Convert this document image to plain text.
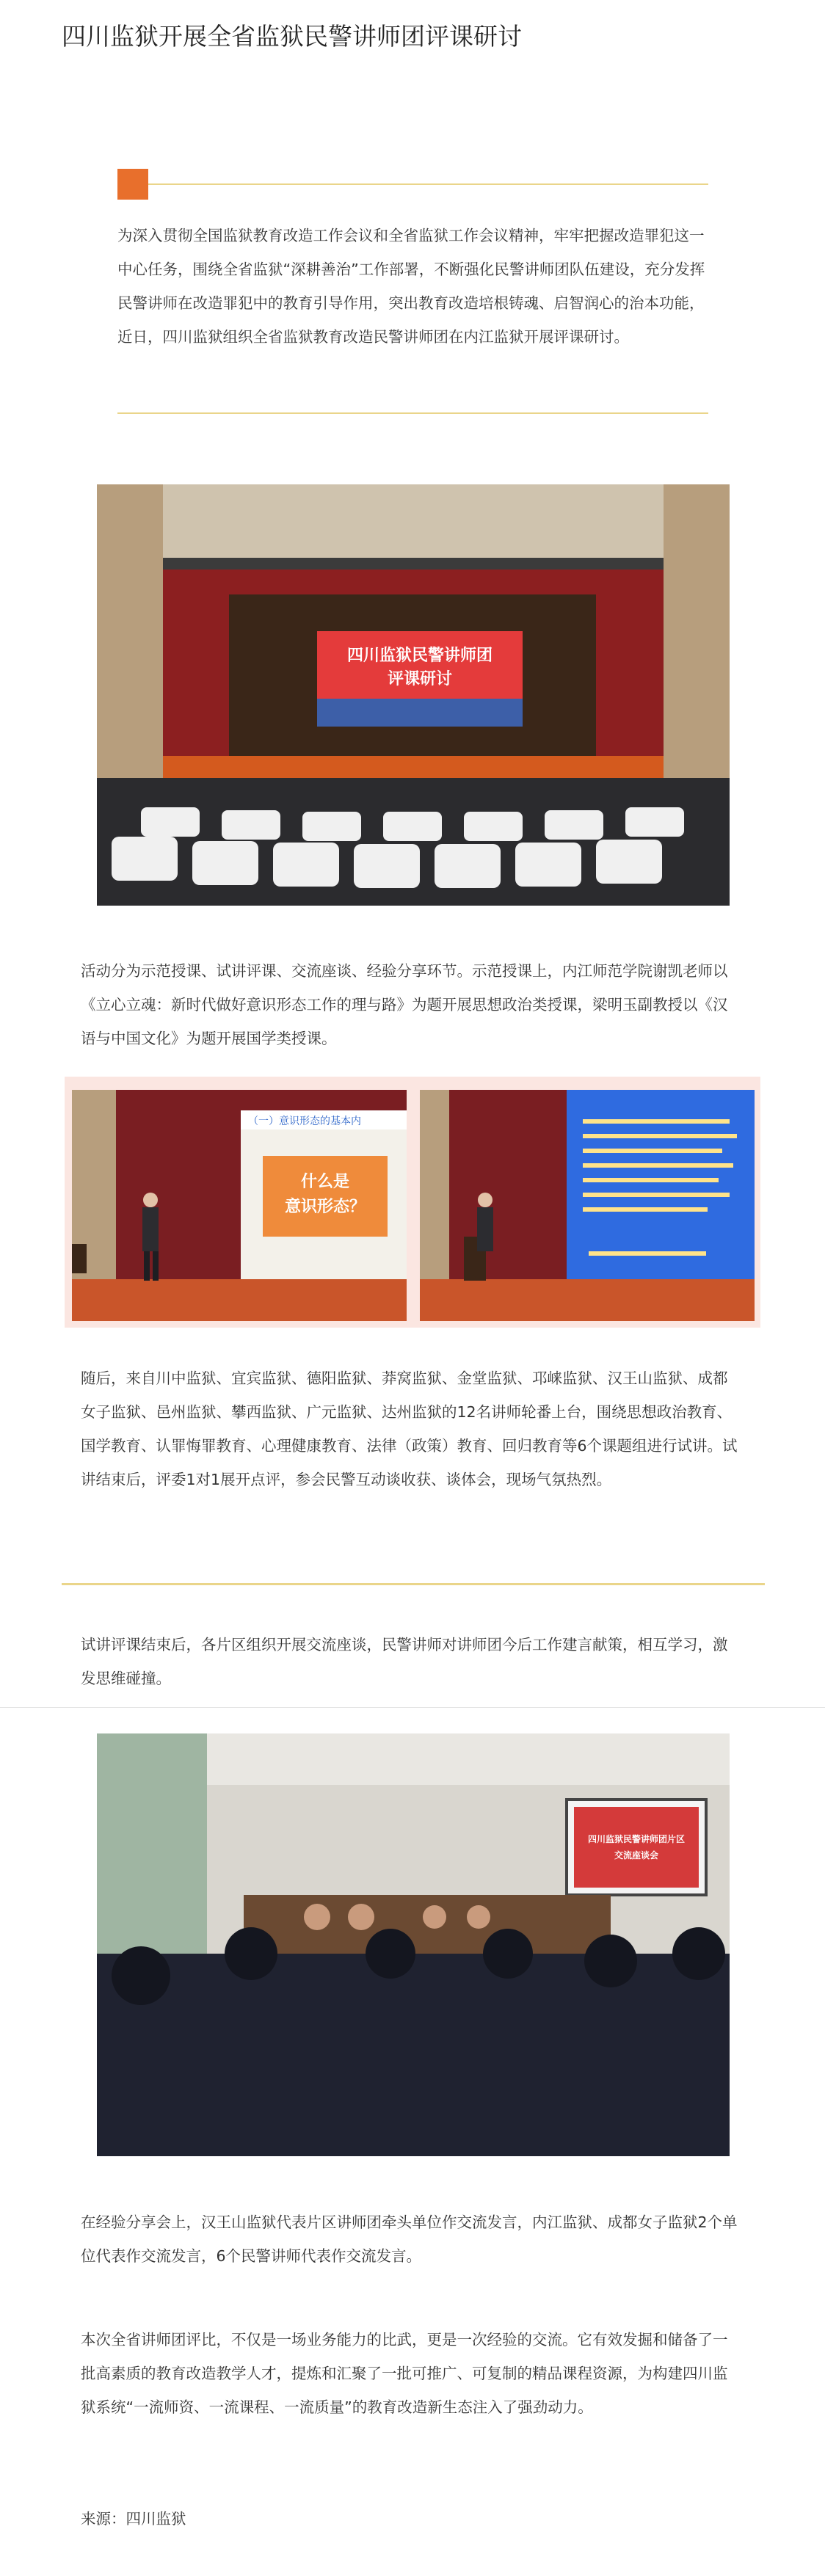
四川监狱开展全省监狱民警讲师团评课研讨

为深入贯彻全国监狱教育改造工作会议和全省监狱工作会议精神，牢牢把握改造罪犯这一中心任务，围绕全省监狱“深耕善治”工作部署，不断强化民警讲师团队伍建设，充分发挥民警讲师在改造罪犯中的教育引导作用，突出教育改造培根铸魂、启智润心的治本功能，近日，四川监狱组织全省监狱教育改造民警讲师团在内江监狱开展评课研讨。

四川监狱民警讲师团
评课研讨

活动分为示范授课、试讲评课、交流座谈、经验分享环节。示范授课上，内江师范学院谢凯老师以《立心立魂：新时代做好意识形态工作的理与路》为题开展思想政治类授课，梁明玉副教授以《汉语与中国文化》为题开展国学类授课。

（一）意识形态的基本内
什么是
意识形态？

随后，来自川中监狱、宜宾监狱、德阳监狱、莽窝监狱、金堂监狱、邛崃监狱、汉王山监狱、成都女子监狱、邑州监狱、攀西监狱、广元监狱、达州监狱的12名讲师轮番上台，围绕思想政治教育、国学教育、认罪悔罪教育、心理健康教育、法律（政策）教育、回归教育等6个课题组进行试讲。试讲结束后，评委1对1展开点评，参会民警互动谈收获、谈体会，现场气氛热烈。

试讲评课结束后，各片区组织开展交流座谈，民警讲师对讲师团今后工作建言献策，相互学习，激发思维碰撞。

四川监狱民警讲师团片区
交流座谈会

在经验分享会上，汉王山监狱代表片区讲师团牵头单位作交流发言，内江监狱、成都女子监狱2个单位代表作交流发言，6个民警讲师代表作交流发言。

本次全省讲师团评比，不仅是一场业务能力的比武，更是一次经验的交流。它有效发掘和储备了一批高素质的教育改造教学人才，提炼和汇聚了一批可推广、可复制的精品课程资源，为构建四川监狱系统“一流师资、一流课程、一流质量”的教育改造新生态注入了强劲动力。

来源：四川监狱
